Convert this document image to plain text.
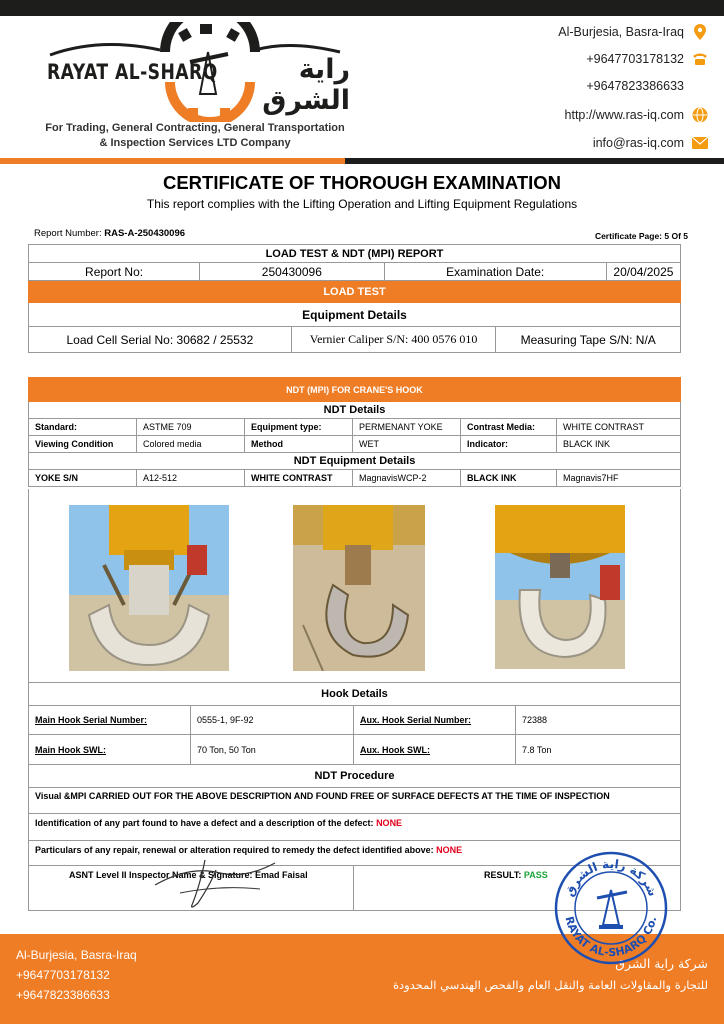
RAYAT AL-SHARQ	راية الشرق
For Trading, General Contracting, General Transportation
& Inspection Services LTD Company
Al-Burjesia, Basra-Iraq
+9647703178132
+9647823386633
http://www.ras-iq.com
info@ras-iq.com
CERTIFICATE OF THOROUGH EXAMINATION
This report complies with the Lifting Operation and Lifting Equipment Regulations
Report Number: RAS-A-250430096	Certificate Page: 5 Of 5
LOAD TEST & NDT (MPI) REPORT					
Report No:	250430096		Examination Date:		20/04/2025
LOAD TEST					
Equipment Details					
Load Cell Serial No: 30682 / 25532		Vernier Caliper S/N: 400 0576 010		Measuring Tape S/N: N/A	
NDT (MPI) FOR CRANE'S HOOK					
NDT Details					
Standard:	ASTME 709	Equipment type:	PERMENANT YOKE	Contrast Media:	WHITE CONTRAST
Viewing Condition	Colored media	Method	WET	Indicator:	BLACK INK
NDT Equipment Details					
YOKE S/N	A12-512	WHITE CONTRAST	MagnavisWCP-2	BLACK INK	Magnavis7HF
Hook Details			
Main Hook Serial Number:	0555-1, 9F-92	Aux. Hook Serial Number:	72388
Main Hook SWL:	70 Ton, 50 Ton	Aux. Hook SWL:	7.8 Ton
NDT Procedure			
Visual &MPI CARRIED OUT FOR THE ABOVE DESCRIPTION AND FOUND FREE OF SURFACE DEFECTS AT THE TIME OF INSPECTION			
Identification of any part found to have a defect and a description of the defect: NONE			
Particulars of any repair, renewal or alteration required to remedy the defect identified above: NONE			
ASNT Level II Inspector Name & Signature: Emad Faisal		RESULT: PASS	
Al-Burjesia, Basra-Iraq
+9647703178132
+9647823386633
شركة راية الشرق
للتجارة والمقاولات العامة والنقل العام والفحص الهندسي المحدودة
شركة راية الشرق
RAYAT AL-SHARQ Co.
